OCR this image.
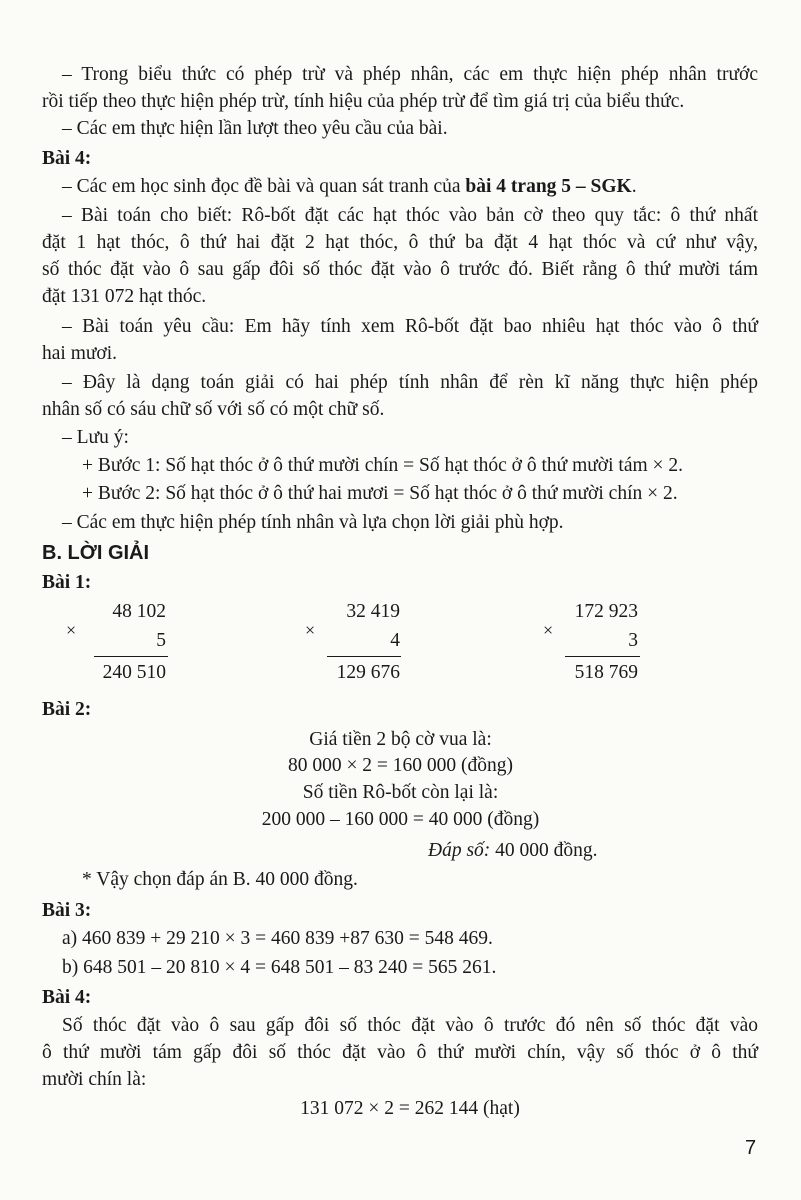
– Trong biểu thức có phép trừ và phép nhân, các em thực hiện phép nhân trước
rồi tiếp theo thực hiện phép trừ, tính hiệu của phép trừ để tìm giá trị của biểu thức.
– Các em thực hiện lần lượt theo yêu cầu của bài.
Bài 4:
– Các em học sinh đọc đề bài và quan sát tranh của bài 4 trang 5 – SGK.
– Bài toán cho biết: Rô-bốt đặt các hạt thóc vào bản cờ theo quy tắc: ô thứ nhất
đặt 1 hạt thóc, ô thứ hai đặt 2 hạt thóc, ô thứ ba đặt 4 hạt thóc và cứ như vậy,
số thóc đặt vào ô sau gấp đôi số thóc đặt vào ô trước đó. Biết rằng ô thứ mười tám
đặt 131 072 hạt thóc.
– Bài toán yêu cầu: Em hãy tính xem Rô-bốt đặt bao nhiêu hạt thóc vào ô thứ
hai mươi.
– Đây là dạng toán giải có hai phép tính nhân để rèn kĩ năng thực hiện phép
nhân số có sáu chữ số với số có một chữ số.
– Lưu ý:
+ Bước 1: Số hạt thóc ở ô thứ mười chín = Số hạt thóc ở ô thứ mười tám × 2.
+ Bước 2: Số hạt thóc ở ô thứ hai mươi = Số hạt thóc ở ô thứ mười chín × 2.
– Các em thực hiện phép tính nhân và lựa chọn lời giải phù hợp.
B. LỜI GIẢI
Bài 1:
48 102
×	5
240 510
32 419
×	4
129 676
172 923
×	3
518 769
Bài 2:
Giá tiền 2 bộ cờ vua là:
80 000 × 2 = 160 000 (đồng)
Số tiền Rô-bốt còn lại là:
200 000 – 160 000 = 40 000 (đồng)
Đáp số: 40 000 đồng.
* Vậy chọn đáp án B. 40 000 đồng.
Bài 3:
a) 460 839 + 29 210 × 3 = 460 839 +87 630 = 548 469.
b) 648 501 – 20 810 × 4 = 648 501 – 83 240 = 565 261.
Bài 4:
Số thóc đặt vào ô sau gấp đôi số thóc đặt vào ô trước đó nên số thóc đặt vào
ô thứ mười tám gấp đôi số thóc đặt vào ô thứ mười chín, vậy số thóc ở ô thứ
mười chín là:
131 072 × 2 = 262 144 (hạt)
7
